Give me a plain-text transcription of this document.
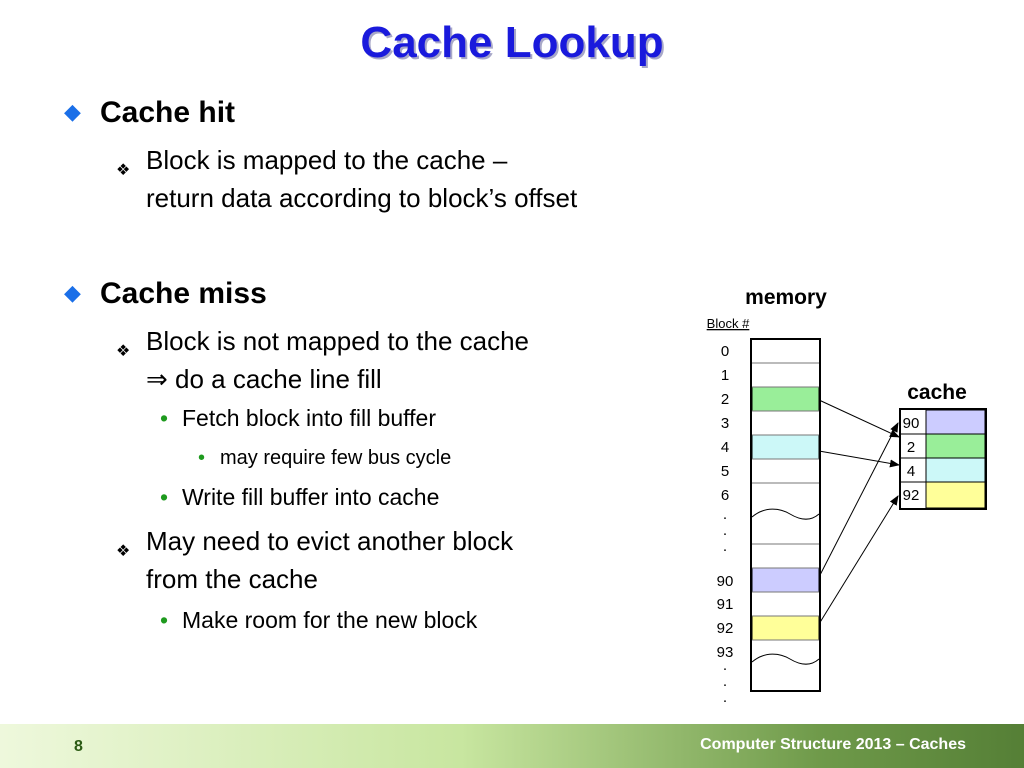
Cache Lookup
◆ Cache hit
❖ Block is mapped to the cache –
return data according to block’s offset
◆ Cache miss
❖ Block is not mapped to the cache
⇒ do a cache line fill
• Fetch block into fill buffer
• may require few bus cycle
• Write fill buffer into cache
❖ May need to evict another block
from the cache
• Make room for the new block
memory
Block #
0
1
2
3
4
5
6
·
·
·
90
91
92
93
·
·
·
cache
90
2
4
92
8	Computer Structure 2013 – Caches
